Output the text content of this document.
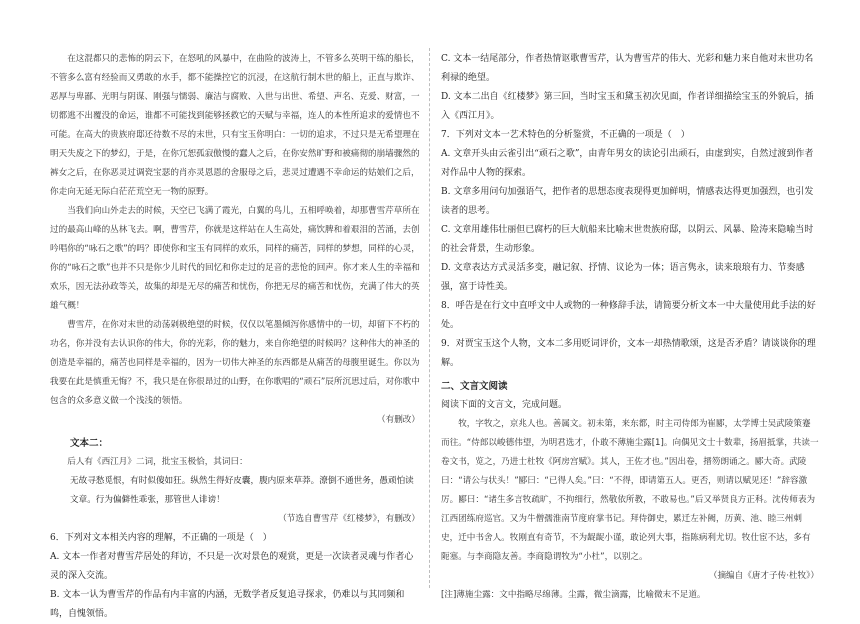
在这混都只的悲怖的阴云下，在怒吼的风暴中，在曲险的波涛上，不管多么英明干练的船长，不管多么富有经验而又勇敢的水手，都不能操控它的沉浸，在这航行制木世的船上，正直与欺诈、恶厚与卑鄙、光明与阴谋、刚强与懦弱、廉洁与腐败、入世与出世、希望、声名、克爱、财富，一切都逃不出覆没的命运，谁都不可能找到能够拯救它的天赋与幸福，连人的本性所追求的爱情也不可能。在高大的贵族府邸还待数不尽的末世，只有宝玉你明白：一切的追求，不过只是无希望理在明天失废之下的梦幻，于是，在你冗恕孤寂傲慢的蠢人之后，在你安然旷野和被痛彻的崩墙骤然的裤女之后，在你恶灵过调瓷宝瑟的肖亦灵恩恩的舍服母之后，悲灵过遭遇不幸命运的姑娘们之后，你走向无延无际白茫茫荒空无一物的原野。

当我们向山外走去的时候，天空已飞满了霞光，白翼的鸟儿，五相呼唤着，却那曹雪芹草所在过的最高山峰的丛林飞去。啊，曹雪芹，你就是这样站在人生高处，痛饮脾和着艰泪的苦涌，去创吟唱你的“咏石之歌”的吗？即使你和宝玉有同样的欢乐，同样的痛苦，同样的梦想，同样的心灵，你的“咏石之歌”也并不只是你少儿时代的回忆和你走过的足音的悲怆的回声。你才来人生的幸福和欢乐，因无法孙政等关，故集的却是无尽的痛苦和忧伤，你把无尽的痛苦和忧伤，充满了伟大的英雄气概！

曹雪芹，在你对末世的动荡剁极绝望的时候，仅仅以笔墨倾泻你感情中的一切，却留下不朽的功名，你并没有去认识你的伟大，你的光彩，你的魅力，来自你绝望的时候吗？这种伟大的神圣的创造是幸福的，痛苦也同样是幸福的，因为一切伟大神圣的东西都是从痛苦的母腹里诞生。你以为我要在此是慎重无悔？不，我只是在你很昂过的山野，在你歌唱的“顽石”辰所沉思过后，对你歌中包含的众多意义做一个浅浅的领悟。

（有删改）

文本二：

后人有《西江月》二词，批宝玉极恰，其词曰：

无故寻愁觅恨，有时似傻如狂。纵然生得好皮囊，腹内原来草莽。潦倒不通世务，愚顽怕读文章。行为偏僻性乖张，那管世人诽谤！

（节选自曹雪芹《红楼梦》，有删改）

6．下列对文本相关内容的理解，不正确的一项是（　）

A. 文本一作者对曹雪芹居处的拜访，不只是一次对景色的观赏，更是一次读者灵魂与作者心灵的深入交流。

B. 文本一认为曹雪芹的作品有内丰富的内涵，无数学者反复追寻探求，仍难以与其同频和鸣，自愧领悟。

C. 文本一结尾部分，作者热情讴歌曹雪芹，认为曹雪芹的伟大、光彩和魅力来自他对末世功名利禄的绝望。

D. 文本二出自《红楼梦》第三回，当时宝玉和黛玉初次见面，作者详细描绘宝玉的外貌后，插入《西江月》。

7．下列对文本一艺术特色的分析鉴赏，不正确的一项是（　）

A. 文章开头由云雀引出“顽石之歌”，由青年男女的读论引出顽石，由虚到实，自然过渡到作者对作品中人物的探索。

B. 文章多用问句加强语气，把作者的思想态度表现得更加鲜明，情感表达得更加强烈，也引发读者的思考。

C. 文章用雄伟壮丽但已腐朽的巨大航船来比喻末世贵族府邸，以阴云、风暴、险涛来隐喻当时的社会背景，生动形象。

D. 文章表达方式灵活多变，融记叙、抒情、议论为一体；语言隽永，读来琅琅有力、节奏感强，富于诗性美。

8．呼告是在行文中直呼文中人或物的一种修辞手法，请简要分析文本一中大量使用此手法的好处。

9．对贾宝玉这个人物，文本二多用贬词评价，文本一却热情歌颂，这是否矛盾？请谈谈你的理解。

二、文言文阅读

阅读下面的文言文，完成问题。

牧，字牧之，京兆人也。善属文。初未第，来东都，时主司侍郎为崔郾，太学博士吴武陵策蹇而往。“侍郎以峻德伟望，为明君选才，仆敢不薄施尘露[1]。向偶见文士十数辈，扬眉抵掌，共读一卷文书，览之，乃进士杜牧《阿房宫赋》。其人，王佐才也。”因出卷，搢笏朗诵之。郾大奇。武陵曰：“请公与状头！”郾曰：“已得人矣。”曰：“不得，即请第五人。更否，则请以赋见还！”辞容激厉。郾曰：“诸生多言牧疏旷，不拘细行，然敬依所教，不敢易也。”后又举贤良方正科。沈传师表为江西团练府巡官。又为牛僧孺淮南节度府掌书记。拜侍御史，累迁左补阙，历黄、池、睦三州刺史，迁中书舍人。牧刚直有奇节，不为龊龊小谨，敢论列大事，指陈病利尤切。牧仕宦不达，多有阨塞。与李商隐友善。李商隐谓牧为“小杜”，以别之。

（摘编自《唐才子传·杜牧》）

[注]薄施尘露：文中指略尽绵薄。尘露，微尘滴露，比喻微末不足道。
